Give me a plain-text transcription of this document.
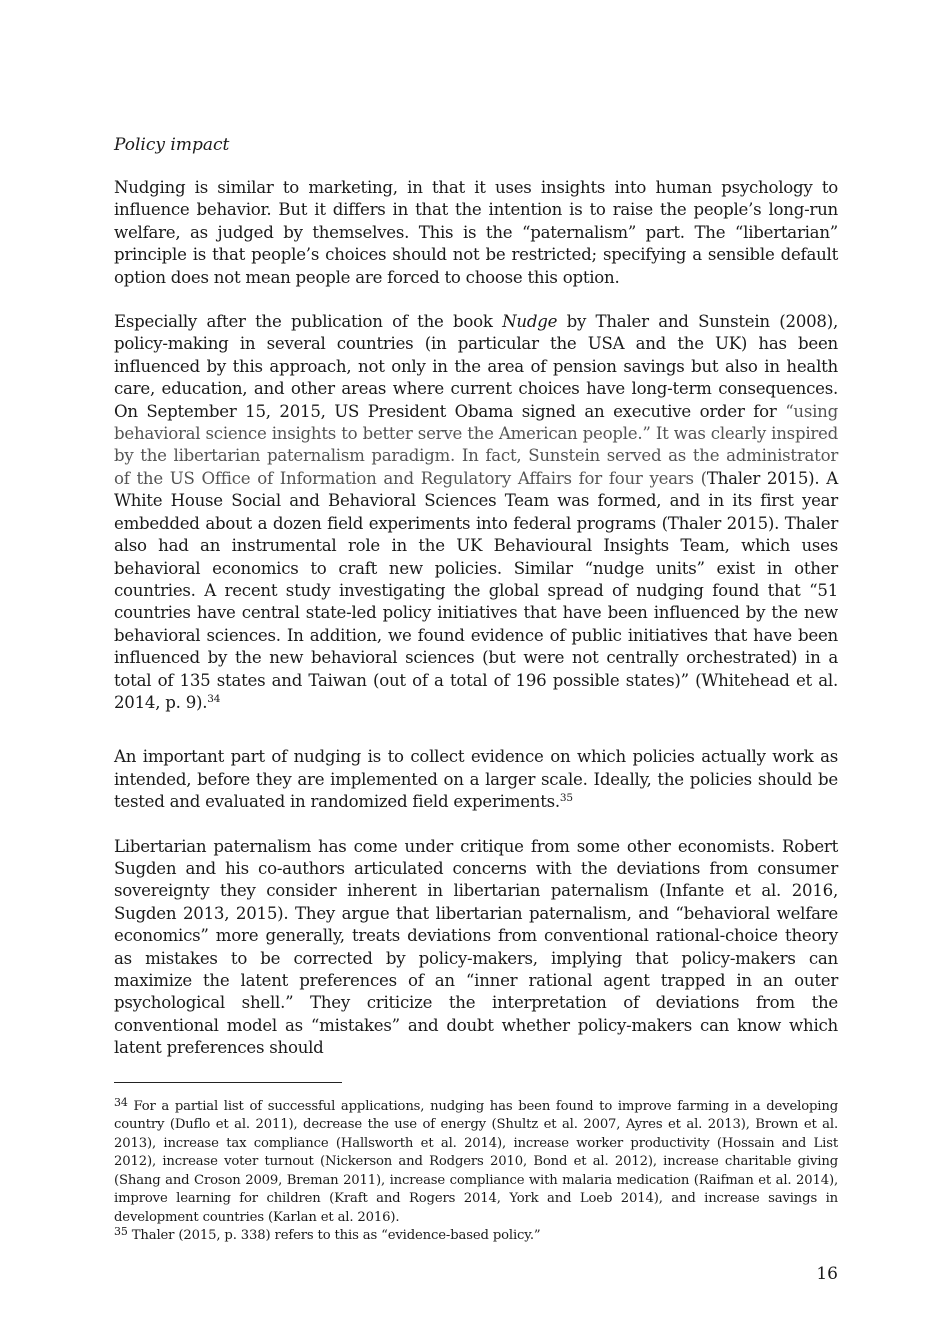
Policy impact

Nudging is similar to marketing, in that it uses insights into human psychology to influence behavior. But it differs in that the intention is to raise the people’s long-run welfare, as judged by themselves. This is the “paternalism” part. The “libertarian” principle is that people’s choices should not be restricted; specifying a sensible default option does not mean people are forced to choose this option.

Especially after the publication of the book Nudge by Thaler and Sunstein (2008), policy-making in several countries (in particular the USA and the UK) has been influenced by this approach, not only in the area of pension savings but also in health care, education, and other areas where current choices have long-term consequences. On September 15, 2015, US President Obama signed an executive order for “using behavioral science insights to better serve the American people.” It was clearly inspired by the libertarian paternalism paradigm. In fact, Sunstein served as the administrator of the US Office of Information and Regulatory Affairs for four years (Thaler 2015). A White House Social and Behavioral Sciences Team was formed, and in its first year embedded about a dozen field experiments into federal programs (Thaler 2015). Thaler also had an instrumental role in the UK Behavioural Insights Team, which uses behavioral economics to craft new policies. Similar “nudge units” exist in other countries. A recent study investigating the global spread of nudging found that “51 countries have central state-led policy initiatives that have been influenced by the new behavioral sciences. In addition, we found evidence of public initiatives that have been influenced by the new behavioral sciences (but were not centrally orchestrated) in a total of 135 states and Taiwan (out of a total of 196 possible states)” (Whitehead et al. 2014, p. 9).$^{34}$

An important part of nudging is to collect evidence on which policies actually work as intended, before they are implemented on a larger scale. Ideally, the policies should be tested and evaluated in randomized field experiments.$^{35}$

Libertarian paternalism has come under critique from some other economists. Robert Sugden and his co-authors articulated concerns with the deviations from consumer sovereignty they consider inherent in libertarian paternalism (Infante et al. 2016, Sugden 2013, 2015). They argue that libertarian paternalism, and “behavioral welfare economics” more generally, treats deviations from conventional rational-choice theory as mistakes to be corrected by policy-makers, implying that policy-makers can maximize the latent preferences of an “inner rational agent trapped in an outer psychological shell.” They criticize the interpretation of deviations from the conventional model as “mistakes” and doubt whether policy-makers can know which latent preferences should

$^{34}$ For a partial list of successful applications, nudging has been found to improve farming in a developing country (Duflo et al. 2011), decrease the use of energy (Shultz et al. 2007, Ayres et al. 2013), Brown et al. 2013), increase tax compliance (Hallsworth et al. 2014), increase worker productivity (Hossain and List 2012), increase voter turnout (Nickerson and Rodgers 2010, Bond et al. 2012), increase charitable giving (Shang and Croson 2009, Breman 2011), increase compliance with malaria medication (Raifman et al. 2014), improve learning for children (Kraft and Rogers 2014, York and Loeb 2014), and increase savings in development countries (Karlan et al. 2016).

$^{35}$ Thaler (2015, p. 338) refers to this as “evidence-based policy.”

16
